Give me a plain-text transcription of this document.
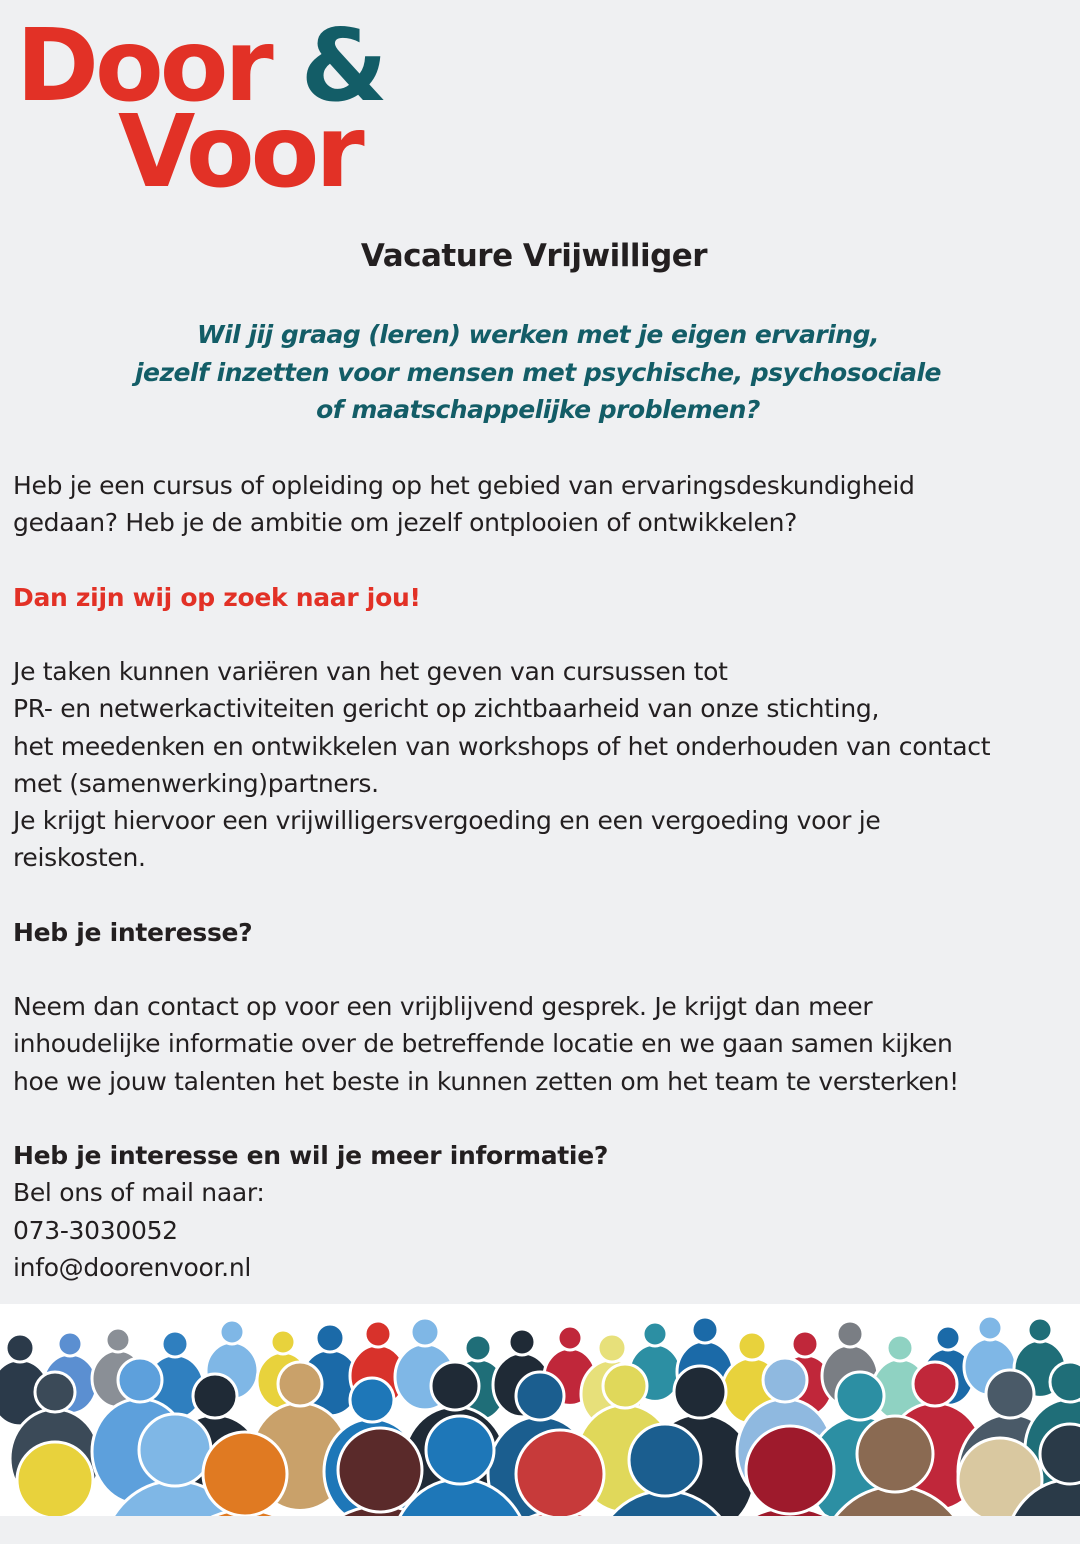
Door &
Voor
Vacature Vrijwilliger
Wil jij graag (leren) werken met je eigen ervaring,
jezelf inzetten voor mensen met psychische, psychosociale
of maatschappelijke problemen?
Heb je een cursus of opleiding op het gebied van ervaringsdeskundigheid
gedaan? Heb je de ambitie om jezelf ontplooien of ontwikkelen?
Dan zijn wij op zoek naar jou!
Je taken kunnen variëren van het geven van cursussen tot
PR- en netwerkactiviteiten gericht op zichtbaarheid van onze stichting,
het meedenken en ontwikkelen van workshops of het onderhouden van contact
met (samenwerking)partners.
Je krijgt hiervoor een vrijwilligersvergoeding en een vergoeding voor je
reiskosten.
Heb je interesse?
Neem dan contact op voor een vrijblijvend gesprek. Je krijgt dan meer
inhoudelijke informatie over de betreffende locatie en we gaan samen kijken
hoe we jouw talenten het beste in kunnen zetten om het team te versterken!
Heb je interesse en wil je meer informatie?
Bel ons of mail naar:
073-3030052
info@doorenvoor.nl
